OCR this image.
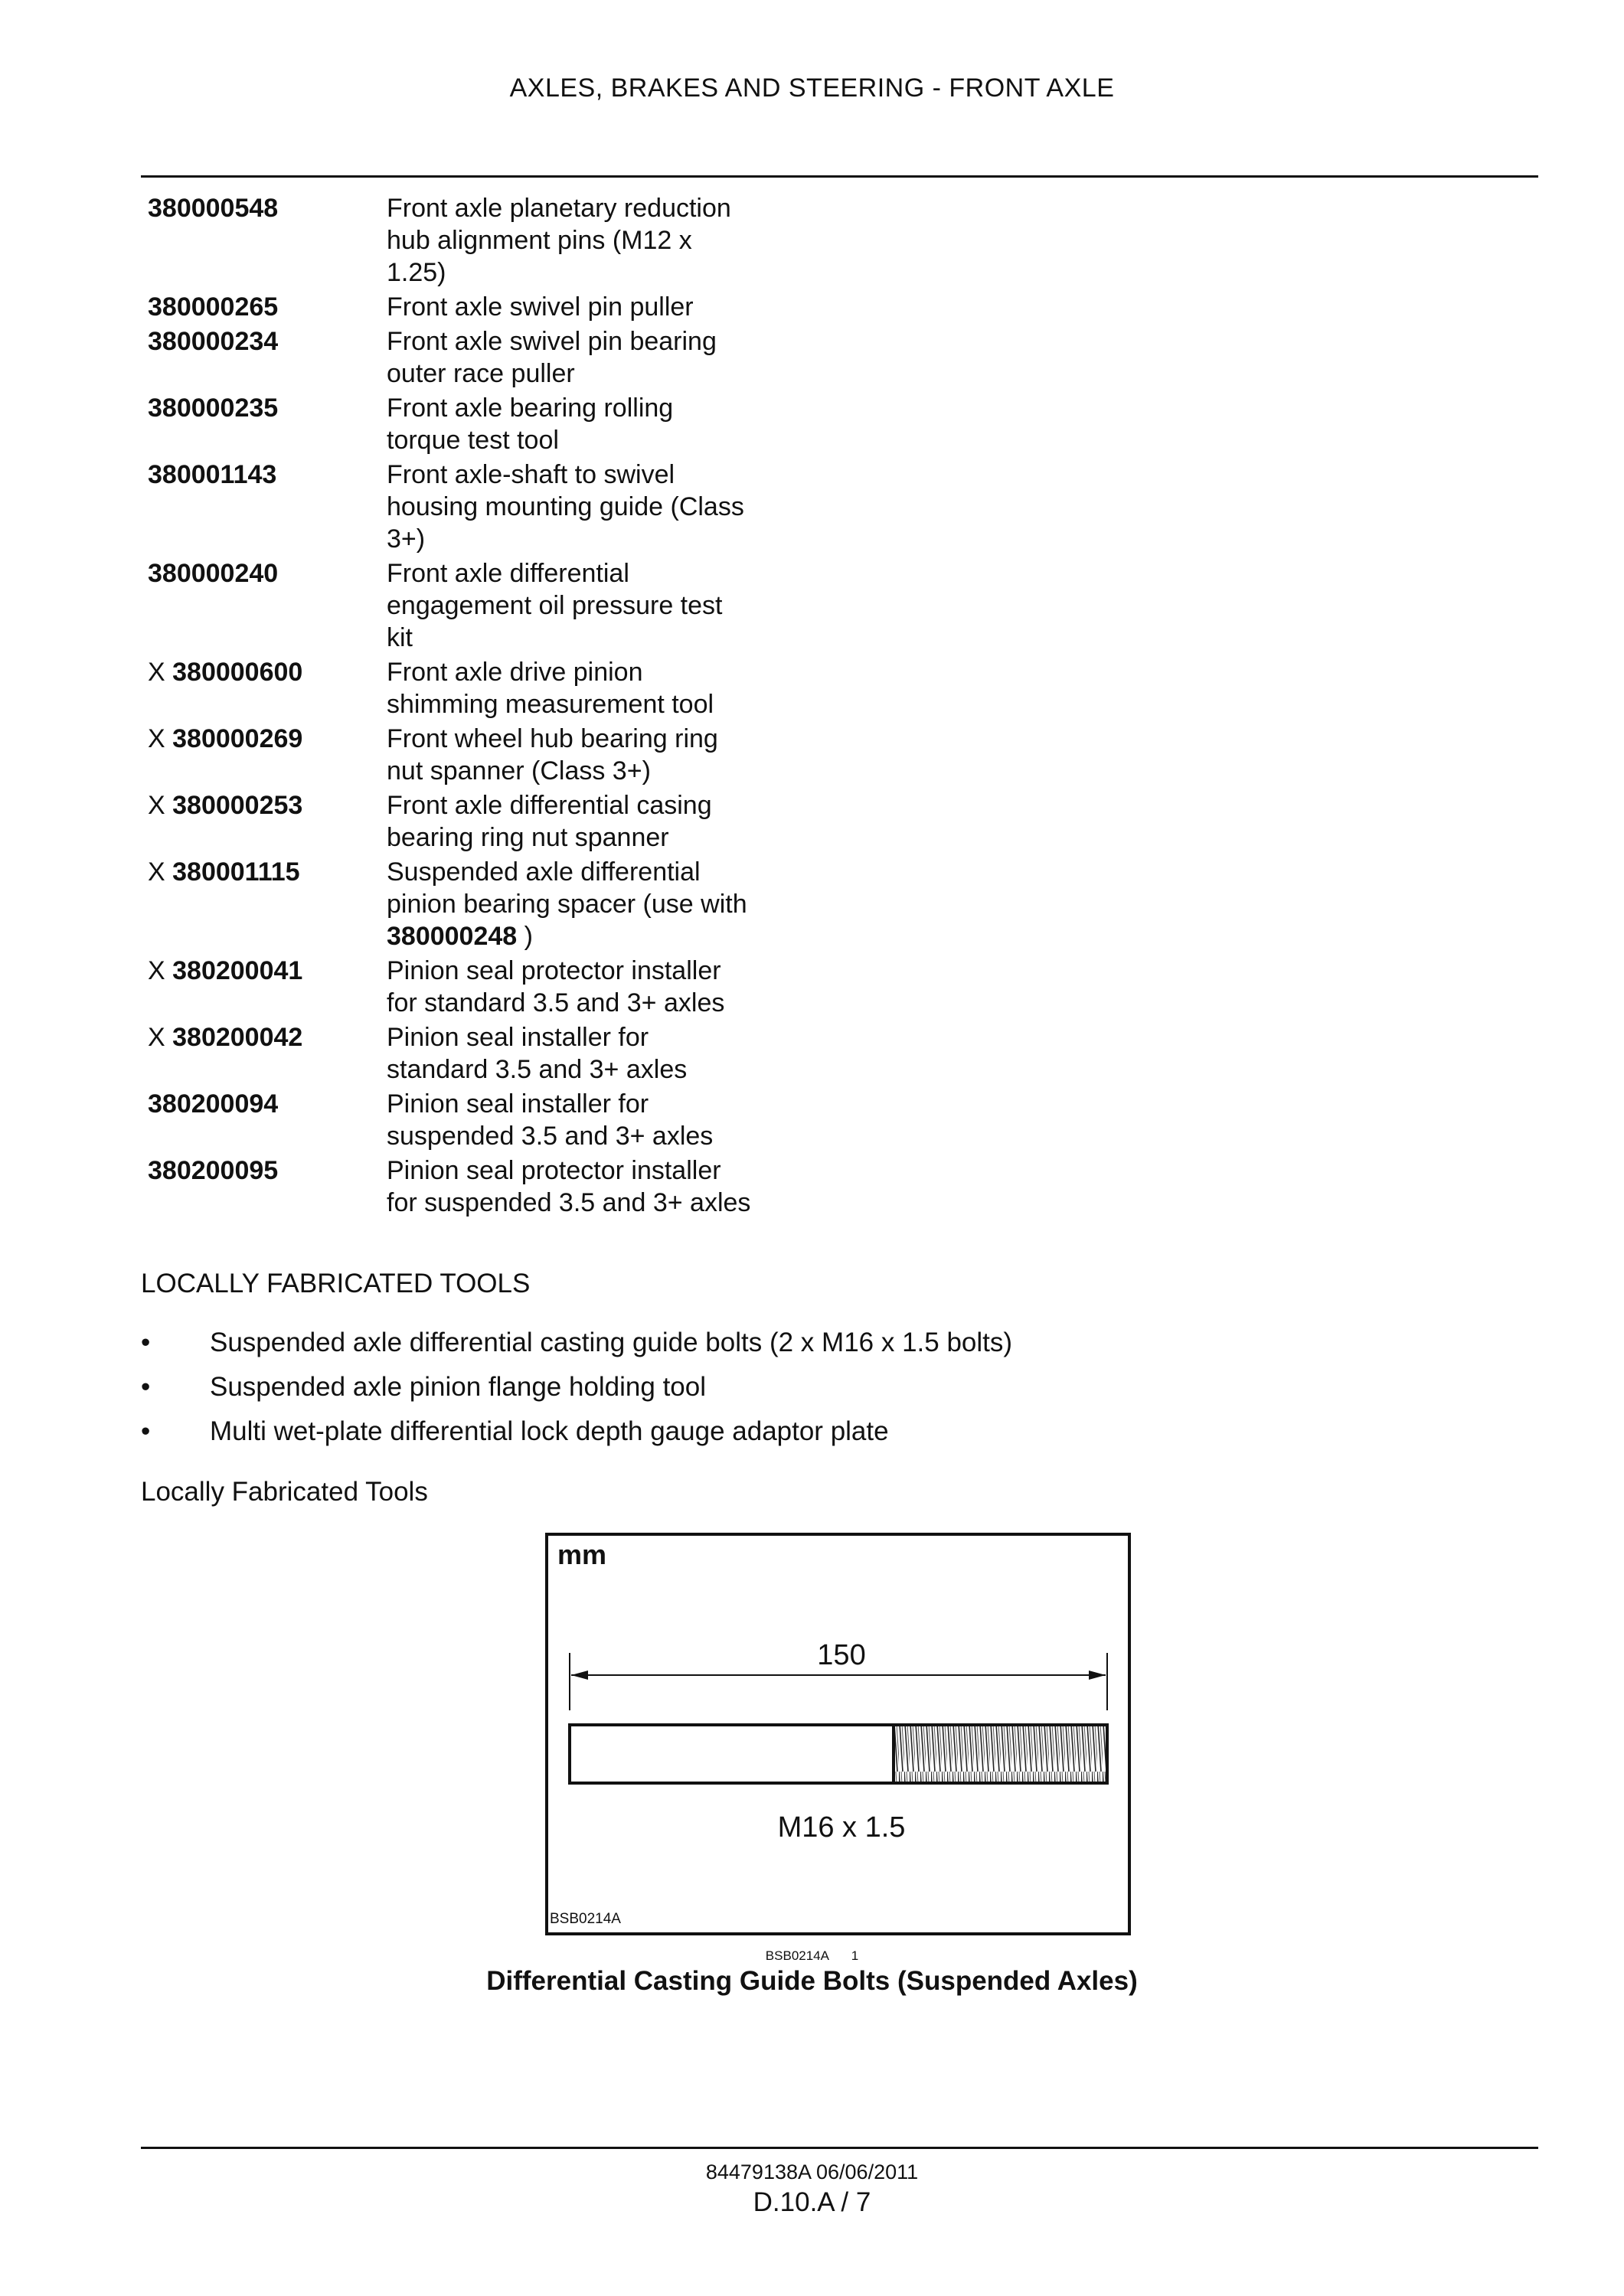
AXLES, BRAKES AND STEERING - FRONT AXLE
380000548	Front axle planetary reduction hub alignment pins (M12 x 1.25)
380000265	Front axle swivel pin puller
380000234	Front axle swivel pin bearing outer race puller
380000235	Front axle bearing rolling torque test tool
380001143	Front axle-shaft to swivel housing mounting guide (Class 3+)
380000240	Front axle differential engagement oil pressure test kit
X 380000600	Front axle drive pinion shimming measurement tool
X 380000269	Front wheel hub bearing ring nut spanner (Class 3+)
X 380000253	Front axle differential casing bearing ring nut spanner
X 380001115	Suspended axle differential pinion bearing spacer (use with 380000248 )
X 380200041	Pinion seal protector installer for standard 3.5 and 3+ axles
X 380200042	Pinion seal installer for standard 3.5 and 3+ axles
380200094	Pinion seal installer for suspended 3.5 and 3+ axles
380200095	Pinion seal protector installer for suspended 3.5 and 3+ axles
LOCALLY FABRICATED TOOLS
• Suspended axle differential casting guide bolts (2 x M16 x 1.5 bolts)
• Suspended axle pinion flange holding tool
• Multi wet-plate differential lock depth gauge adaptor plate
Locally Fabricated Tools
mm
150
M16 x 1.5
BSB0214A
BSB0214A 1
Differential Casting Guide Bolts (Suspended Axles)
84479138A 06/06/2011
D.10.A / 7
